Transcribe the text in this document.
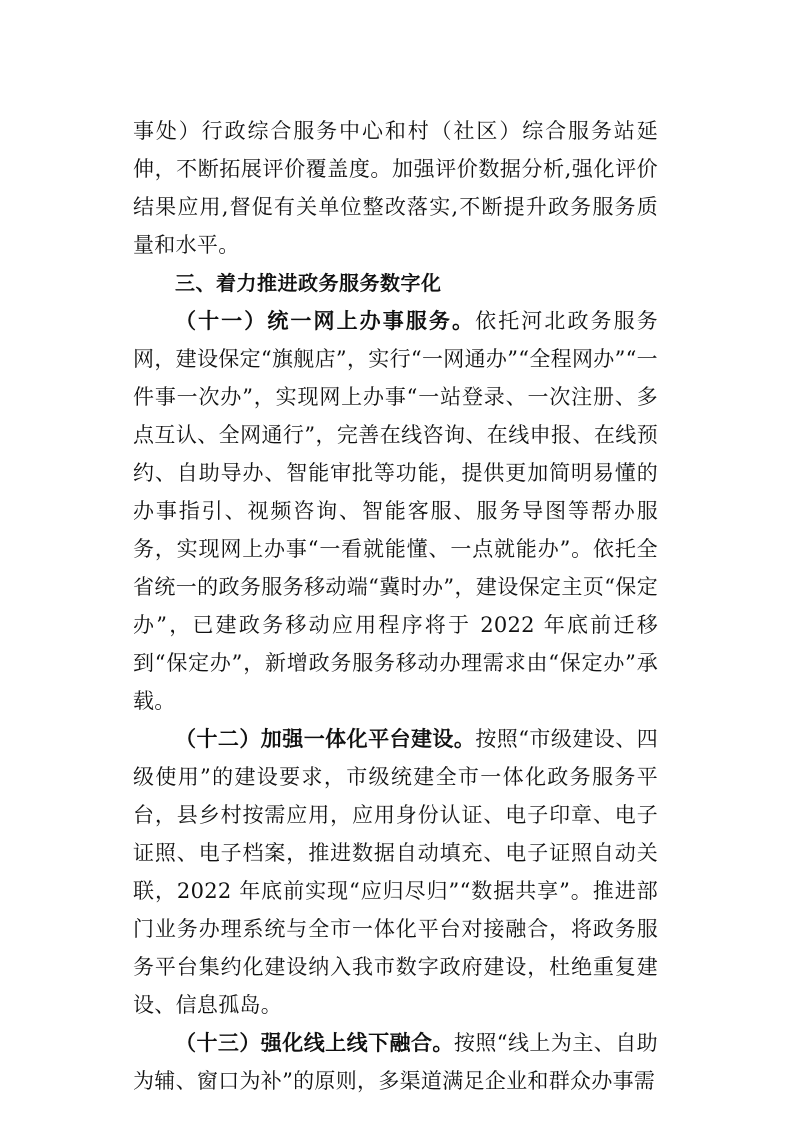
事处）行政综合服务中心和村（社区）综合服务站延伸，不断拓展评价覆盖度。加强评价数据分析,强化评价结果应用,督促有关单位整改落实,不断提升政务服务质量和水平。

三、着力推进政务服务数字化

（十一）统一网上办事服务。依托河北政务服务网，建设保定“旗舰店”，实行“一网通办”“全程网办”“一件事一次办”，实现网上办事“一站登录、一次注册、多点互认、全网通行”，完善在线咨询、在线申报、在线预约、自助导办、智能审批等功能，提供更加简明易懂的办事指引、视频咨询、智能客服、服务导图等帮办服务，实现网上办事“一看就能懂、一点就能办”。依托全省统一的政务服务移动端“冀时办”，建设保定主页“保定办”，已建政务移动应用程序将于 2022 年底前迁移到“保定办”，新增政务服务移动办理需求由“保定办”承载。

（十二）加强一体化平台建设。按照“市级建设、四级使用”的建设要求，市级统建全市一体化政务服务平台，县乡村按需应用，应用身份认证、电子印章、电子证照、电子档案，推进数据自动填充、电子证照自动关联，2022 年底前实现“应归尽归”“数据共享”。推进部门业务办理系统与全市一体化平台对接融合，将政务服务平台集约化建设纳入我市数字政府建设，杜绝重复建设、信息孤岛。

（十三）强化线上线下融合。按照“线上为主、自助为辅、窗口为补”的原则，多渠道满足企业和群众办事需
